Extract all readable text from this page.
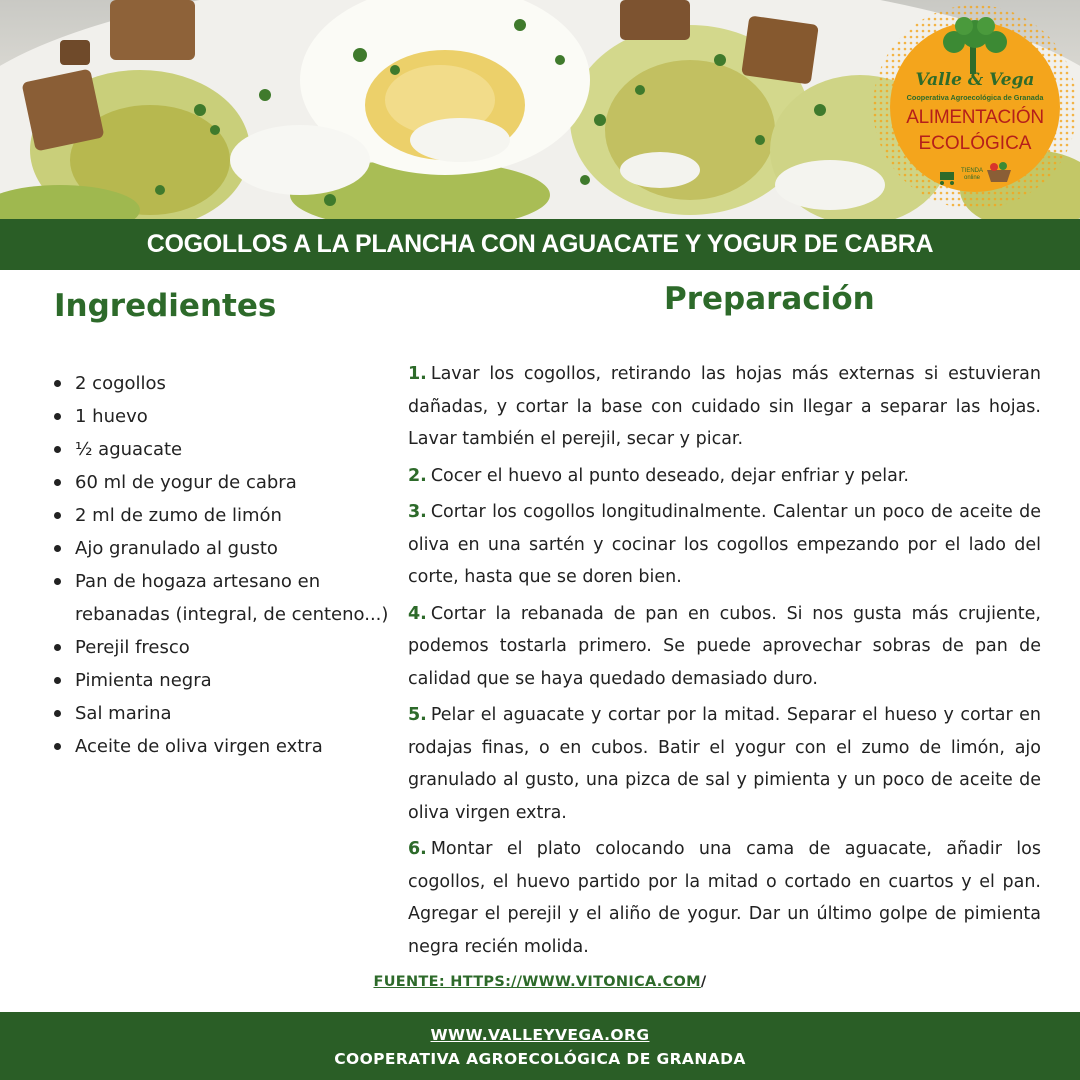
Valle & Vega
Cooperativa Agroecológica de Granada
ALIMENTACIÓN
ECOLÓGICA
TIENDA online
COGOLLOS A LA PLANCHA CON AGUACATE Y YOGUR DE CABRA
Ingredientes	Preparación
2 cogollos
1 huevo
½ aguacate
60 ml de yogur de cabra
2 ml de zumo de limón
Ajo granulado al gusto
Pan de hogaza artesano en rebanadas (integral, de centeno...)
Perejil fresco
Pimienta negra
Sal marina
Aceite de oliva virgen extra

1. Lavar los cogollos, retirando las hojas más externas si estuvieran dañadas, y cortar la base con cuidado sin llegar a separar las hojas. Lavar también el perejil, secar y picar.

2. Cocer el huevo al punto deseado, dejar enfriar y pelar.

3. Cortar los cogollos longitudinalmente. Calentar un poco de aceite de oliva en una sartén y cocinar los cogollos empezando por el lado del corte, hasta que se doren bien.

4. Cortar la rebanada de pan en cubos. Si nos gusta más crujiente, podemos tostarla primero. Se puede aprovechar sobras de pan de calidad que se haya quedado demasiado duro.

5. Pelar el aguacate y cortar por la mitad. Separar el hueso y cortar en rodajas finas, o en cubos. Batir el yogur con el zumo de limón, ajo granulado al gusto, una pizca de sal y pimienta y un poco de aceite de oliva virgen extra.

6. Montar el plato colocando una cama de aguacate, añadir los cogollos, el huevo partido por la mitad o cortado en cuartos y el pan. Agregar el perejil y el aliño de yogur. Dar un último golpe de pimienta negra recién molida.

FUENTE: HTTPS://WWW.VITONICA.COM/
WWW.VALLEYVEGA.ORG
COOPERATIVA AGROECOLÓGICA DE GRANADA
